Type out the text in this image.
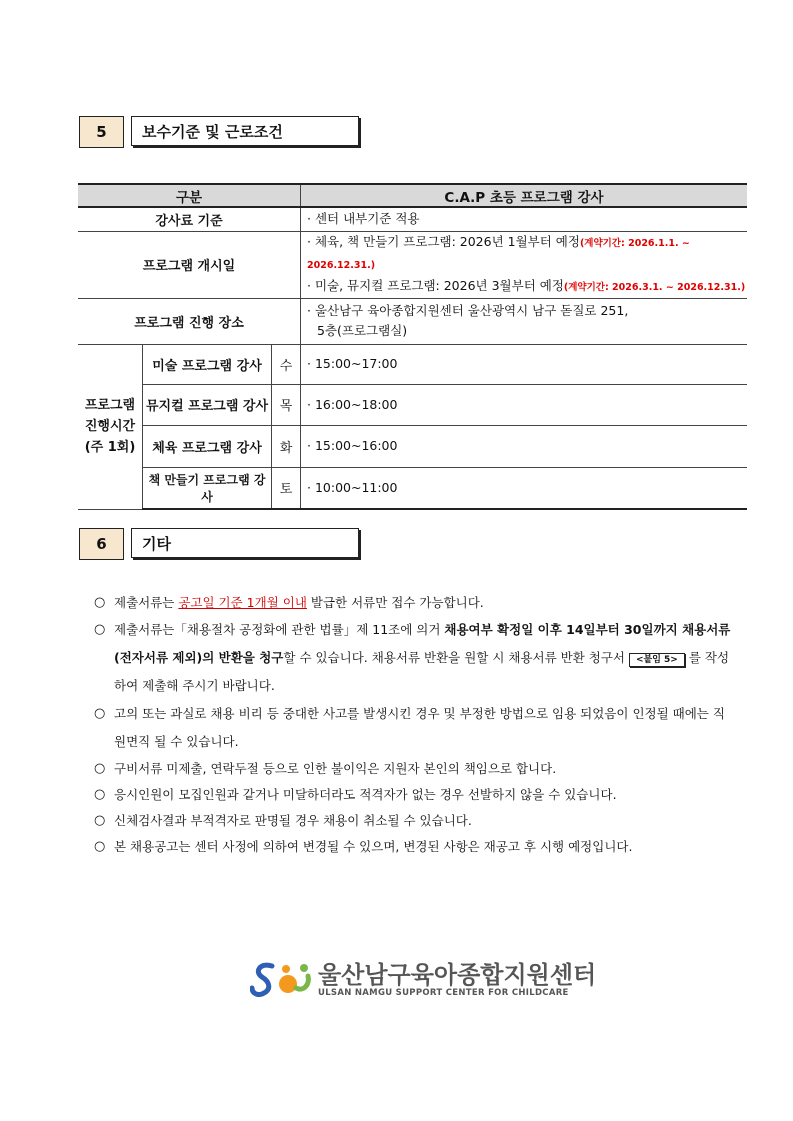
5	보수기준 및 근로조건
구분			C.A.P 초등 프로그램 강사
강사료 기준			· 센터 내부기준 적용
프로그램 개시일			· 체육, 책 만들기 프로그램: 2026년 1월부터 예정(계약기간: 2026.1.1. ~ 2026.12.31.)
· 미술, 뮤지컬 프로그램: 2026년 3월부터 예정(계약기간: 2026.3.1. ~ 2026.12.31.)

프로그램 진행 장소			· 울산남구 육아종합지원센터 울산광역시 남구 돋질로 251,
5층(프로그램실)

프로그램
진행시간
(주 1회)	미술 프로그램 강사	수	· 15:00~17:00
	뮤지컬 프로그램 강사	목	· 16:00~18:00
	체육 프로그램 강사	화	· 15:00~16:00
	책 만들기 프로그램 강사	토	· 10:00~11:00
6	기타
○ 제출서류는 공고일 기준 1개월 이내 발급한 서류만 접수 가능합니다.
○ 제출서류는「채용절차 공정화에 관한 법률」제 11조에 의거 채용여부 확정일 이후 14일부터 30일까지 채용서류(전자서류 제외)의 반환을 청구할 수 있습니다. 채용서류 반환을 원할 시 채용서류 반환 청구서 <붙임 5> 를 작성하여 제출해 주시기 바랍니다.
○ 고의 또는 과실로 채용 비리 등 중대한 사고를 발생시킨 경우 및 부정한 방법으로 임용 되었음이 인정될 때에는 직원면직 될 수 있습니다.
○ 구비서류 미제출, 연락두절 등으로 인한 불이익은 지원자 본인의 책임으로 합니다.
○ 응시인원이 모집인원과 같거나 미달하더라도 적격자가 없는 경우 선발하지 않을 수 있습니다.
○ 신체검사결과 부적격자로 판명될 경우 채용이 취소될 수 있습니다.
○ 본 채용공고는 센터 사정에 의하여 변경될 수 있으며, 변경된 사항은 재공고 후 시행 예정입니다.
울산남구육아종합지원센터
ULSAN NAMGU SUPPORT CENTER FOR CHILDCARE
